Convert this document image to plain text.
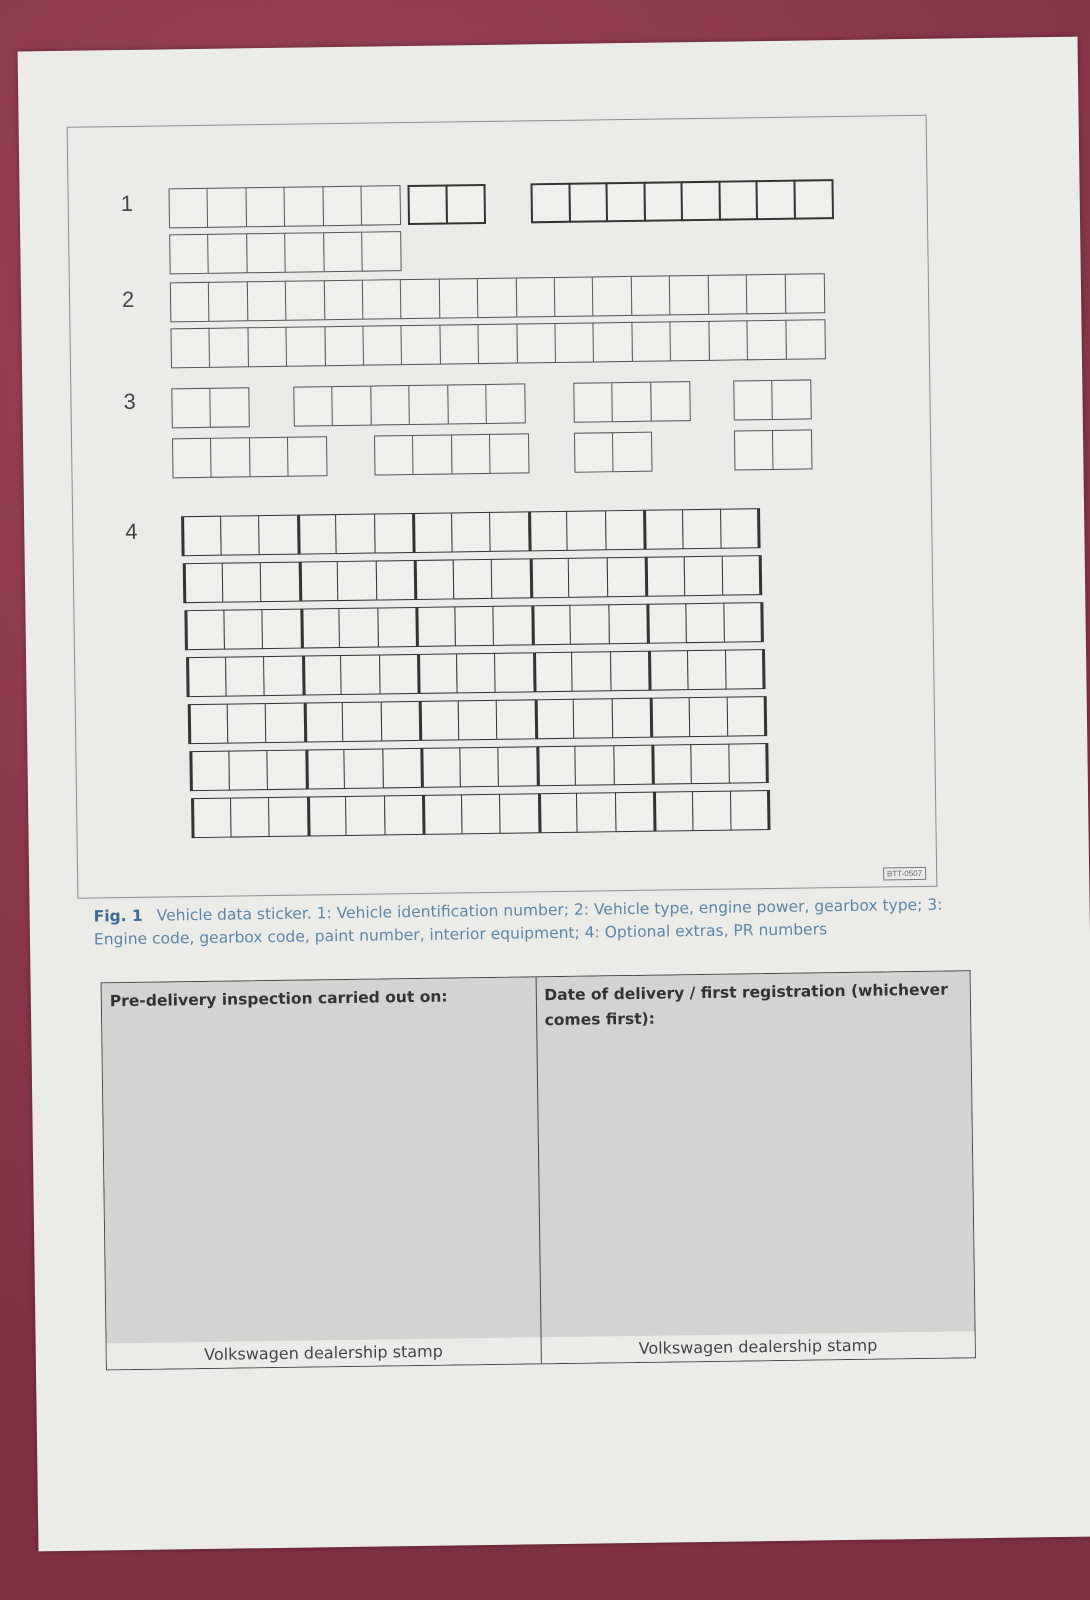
1
2
3
4
BTT-0507
Fig. 1 Vehicle data sticker. 1: Vehicle identification number; 2: Vehicle type, engine power, gearbox type; 3: Engine code, gearbox code, paint number, interior equipment; 4: Optional extras, PR numbers
Pre-delivery inspection carried out on:
Volkswagen dealership stamp
Date of delivery / first registration (whichever comes first):
Volkswagen dealership stamp
